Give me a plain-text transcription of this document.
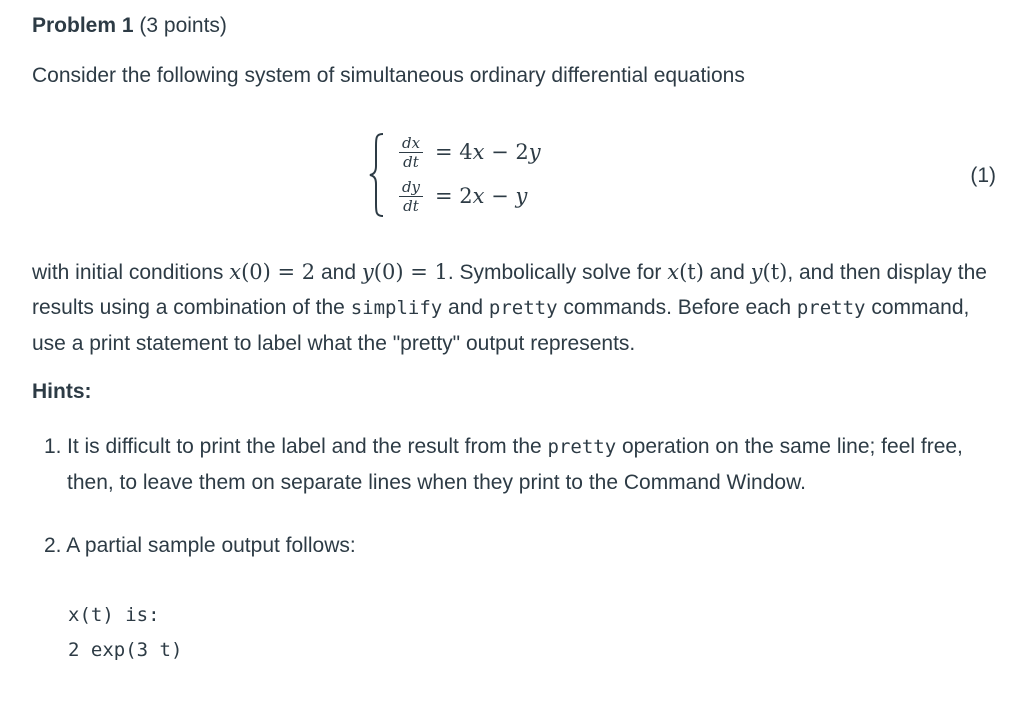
Problem 1 (3 points)
Consider the following system of simultaneous ordinary differential equations
$\frac{dx}{dt} = 4x - 2y$
$\frac{dy}{dt} = 2x - y$
with initial conditions x(0) = 2 and y(0) = 1. Symbolically solve for x(t) and y(t), and then display the results using a combination of the simplify and pretty commands. Before each pretty command, use a print statement to label what the "pretty" output represents.
Hints:
1. It is difficult to print the label and the result from the pretty operation on the same line; feel free, then, to leave them on separate lines when they print to the Command Window.
2. A partial sample output follows:
x(t) is:
2 exp(3 t)
(1)
